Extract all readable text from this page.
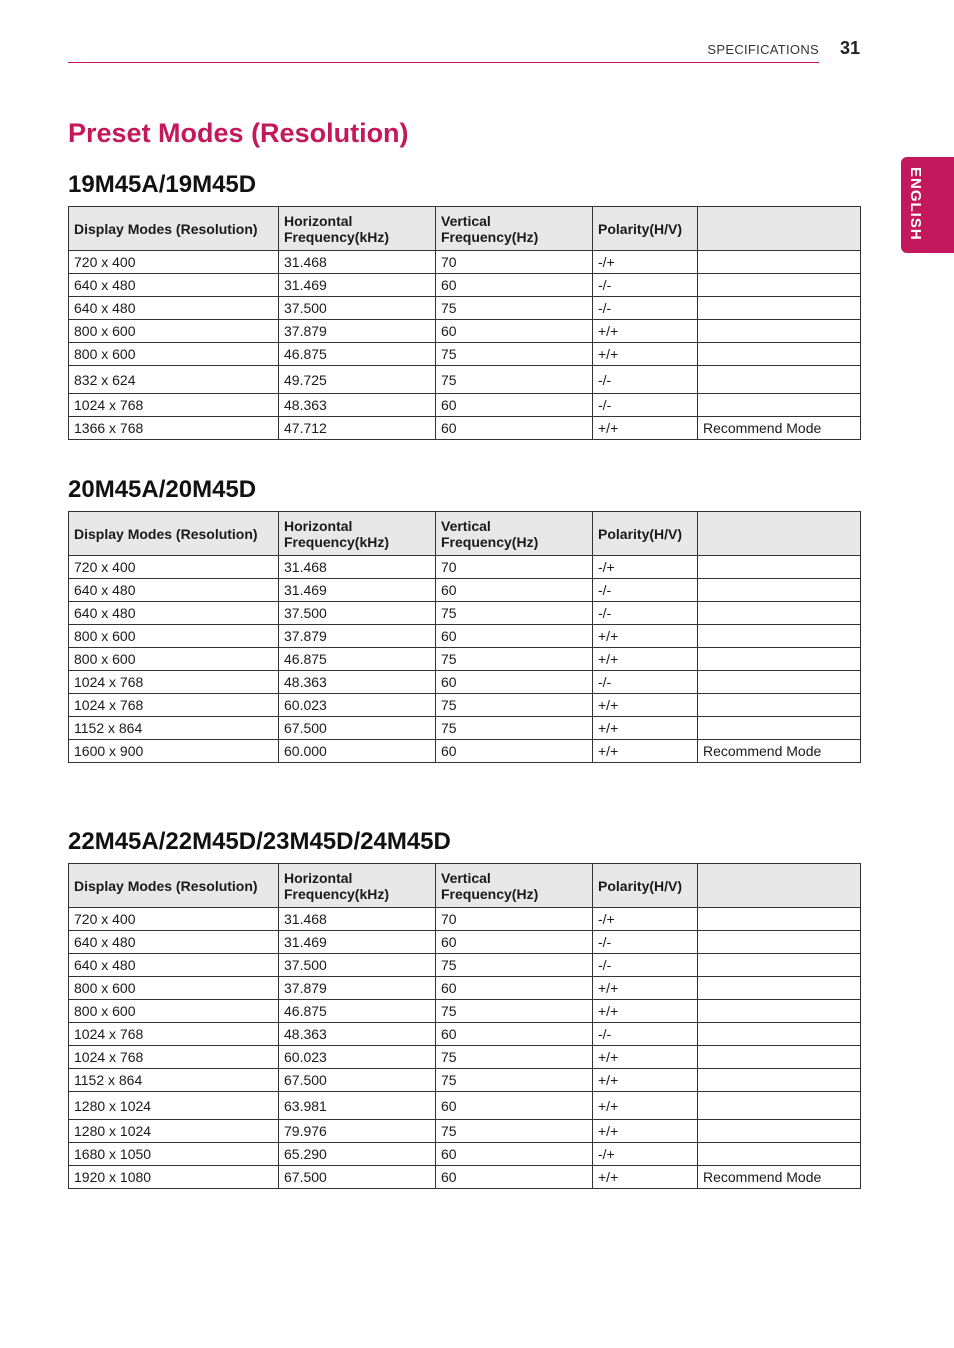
SPECIFICATIONS 31
ENGLISH
Preset Modes (Resolution)
19M45A/19M45D
Display Modes (Resolution)	Horizontal Frequency(kHz)	Vertical Frequency(Hz)	Polarity(H/V)	
720 x 400	31.468	70	-/+	
640 x 480	31.469	60	-/-	
640 x 480	37.500	75	-/-	
800 x 600	37.879	60	+/+	
800 x 600	46.875	75	+/+	
832 x 624	49.725	75	-/-	
1024 x 768	48.363	60	-/-	
1366 x 768	47.712	60	+/+	Recommend Mode
20M45A/20M45D
Display Modes (Resolution)	Horizontal Frequency(kHz)	Vertical Frequency(Hz)	Polarity(H/V)	
720 x 400	31.468	70	-/+	
640 x 480	31.469	60	-/-	
640 x 480	37.500	75	-/-	
800 x 600	37.879	60	+/+	
800 x 600	46.875	75	+/+	
1024 x 768	48.363	60	-/-	
1024 x 768	60.023	75	+/+	
1152 x 864	67.500	75	+/+	
1600 x 900	60.000	60	+/+	Recommend Mode
22M45A/22M45D/23M45D/24M45D
Display Modes (Resolution)	Horizontal Frequency(kHz)	Vertical Frequency(Hz)	Polarity(H/V)	
720 x 400	31.468	70	-/+	
640 x 480	31.469	60	-/-	
640 x 480	37.500	75	-/-	
800 x 600	37.879	60	+/+	
800 x 600	46.875	75	+/+	
1024 x 768	48.363	60	-/-	
1024 x 768	60.023	75	+/+	
1152 x 864	67.500	75	+/+	
1280 x 1024	63.981	60	+/+	
1280 x 1024	79.976	75	+/+	
1680 x 1050	65.290	60	-/+	
1920 x 1080	67.500	60	+/+	Recommend Mode
